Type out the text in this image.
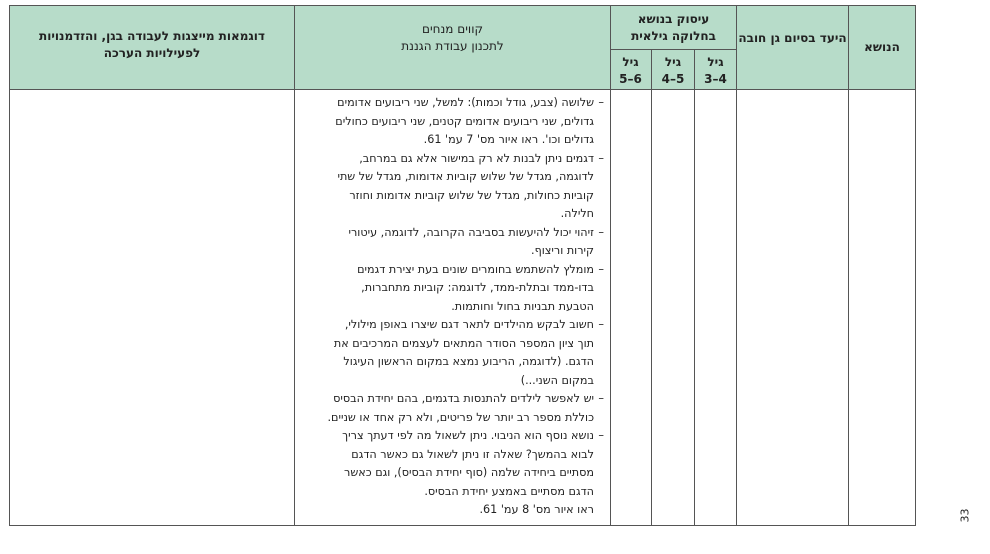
הנושא
היעד בסיום גן חובה
עיסוק בנושא
בחלוקה גילאית
גיל
4–3
גיל
5–4
גיל
6–5
קווים מנחים
לתכנון עבודת הגננת
דוגמאות מייצגות לעבודה בגן, והזדמנויות
לפעילויות הערכה
– שלושה (צבע, גודל וכמות): למשל, שני ריבועים אדומים
גדולים, שני ריבועים אדומים קטנים, שני ריבועים כחולים
גדולים וכו'. ראו איור מס' 7 עמ' 61.
– דגמים ניתן לבנות לא רק במישור אלא גם במרחב,
לדוגמה, מגדל של שלוש קוביות אדומות, מגדל של שתי
קוביות כחולות, מגדל של שלוש קוביות אדומות וחוזר
חלילה.
– זיהוי יכול להיעשות בסביבה הקרובה, לדוגמה, עיטורי
קירות וריצוף.
– מומלץ להשתמש בחומרים שונים בעת יצירת דגמים
בדו-ממד ובתלת-ממד, לדוגמה: קוביות מתחברות,
הטבעת תבניות בחול וחותמות.
– חשוב לבקש מהילדים לתאר דגם שיצרו באופן מילולי,
תוך ציון המספר הסודר המתאים לעצמים המרכיבים את
הדגם. (לדוגמה, הריבוע נמצא במקום הראשון העיגול
במקום השני...)
– יש לאפשר לילדים להתנסות בדגמים, בהם יחידת הבסיס
כוללת מספר רב יותר של פריטים, ולא רק אחד או שניים.
– נושא נוסף הוא הניבוי. ניתן לשאול מה לפי דעתך צריך
לבוא בהמשך? שאלה זו ניתן לשאול גם כאשר הדגם
מסתיים ביחידה שלמה (סוף יחידת הבסיס), וגם כאשר
הדגם מסתיים באמצע יחידת הבסיס.
ראו איור מס' 8 עמ' 61.	33
